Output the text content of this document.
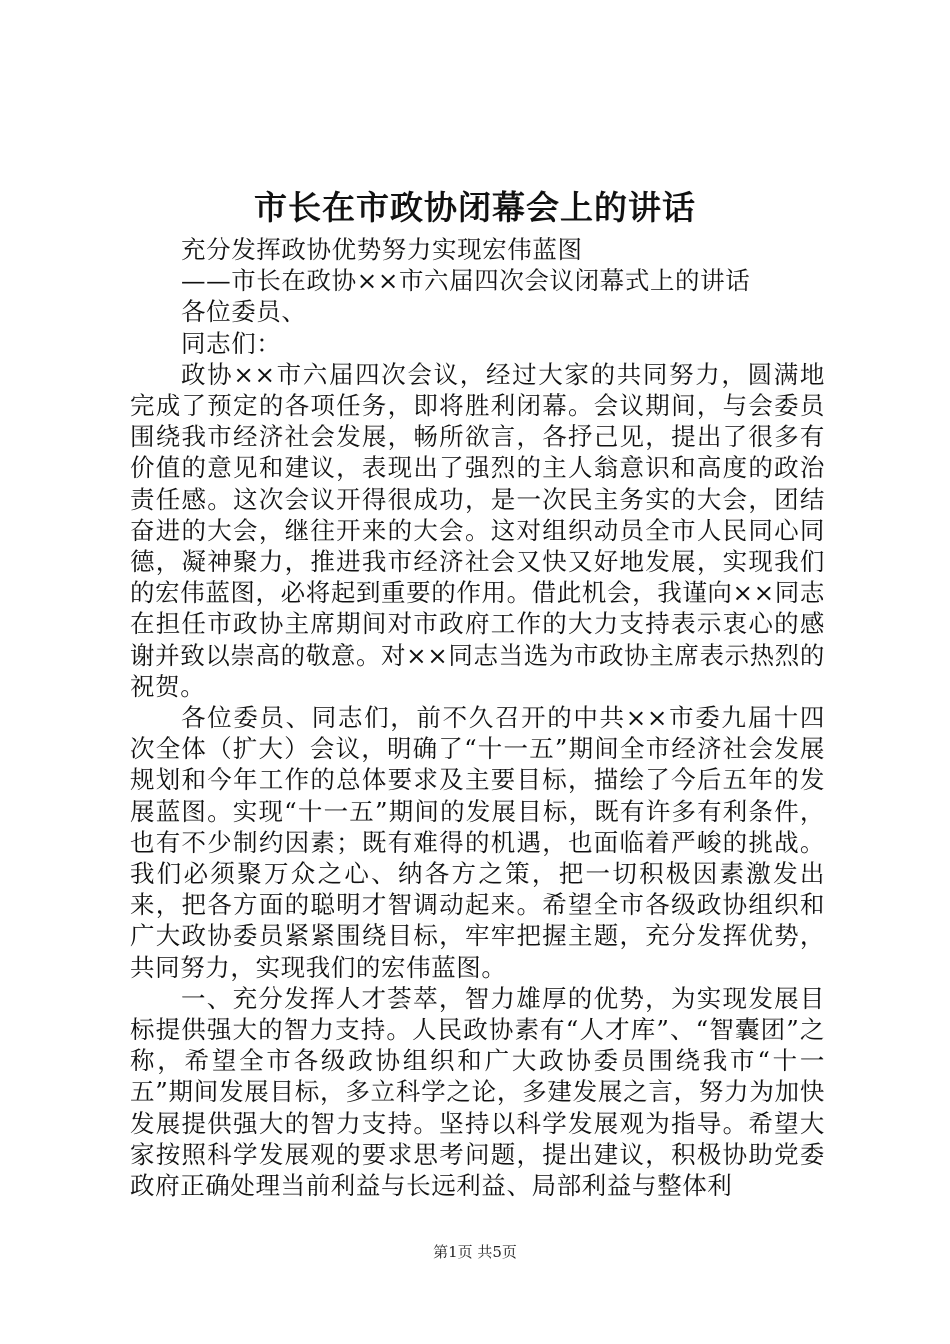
市长在市政协闭幕会上的讲话

充分发挥政协优势努力实现宏伟蓝图

——市长在政协××市六届四次会议闭幕式上的讲话

各位委员、

同志们：

政协××市六届四次会议，经过大家的共同努力，圆满地完成了预定的各项任务，即将胜利闭幕。会议期间，与会委员围绕我市经济社会发展，畅所欲言，各抒己见，提出了很多有价值的意见和建议，表现出了强烈的主人翁意识和高度的政治责任感。这次会议开得很成功，是一次民主务实的大会，团结奋进的大会，继往开来的大会。这对组织动员全市人民同心同德，凝神聚力，推进我市经济社会又快又好地发展，实现我们的宏伟蓝图，必将起到重要的作用。借此机会，我谨向××同志在担任市政协主席期间对市政府工作的大力支持表示衷心的感谢并致以崇高的敬意。对××同志当选为市政协主席表示热烈的祝贺。

各位委员、同志们，前不久召开的中共××市委九届十四次全体（扩大）会议，明确了“十一五”期间全市经济社会发展规划和今年工作的总体要求及主要目标，描绘了今后五年的发展蓝图。实现“十一五”期间的发展目标，既有许多有利条件，也有不少制约因素；既有难得的机遇，也面临着严峻的挑战。我们必须聚万众之心、纳各方之策，把一切积极因素激发出来，把各方面的聪明才智调动起来。希望全市各级政协组织和广大政协委员紧紧围绕目标，牢牢把握主题，充分发挥优势，共同努力，实现我们的宏伟蓝图。

一、充分发挥人才荟萃，智力雄厚的优势，为实现发展目标提供强大的智力支持。人民政协素有“人才库”、“智囊团”之称，希望全市各级政协组织和广大政协委员围绕我市“十一五”期间发展目标，多立科学之论，多建发展之言，努力为加快发展提供强大的智力支持。坚持以科学发展观为指导。希望大家按照科学发展观的要求思考问题，提出建议，积极协助党委政府正确处理当前利益与长远利益、局部利益与整体利

第1页 共5页
